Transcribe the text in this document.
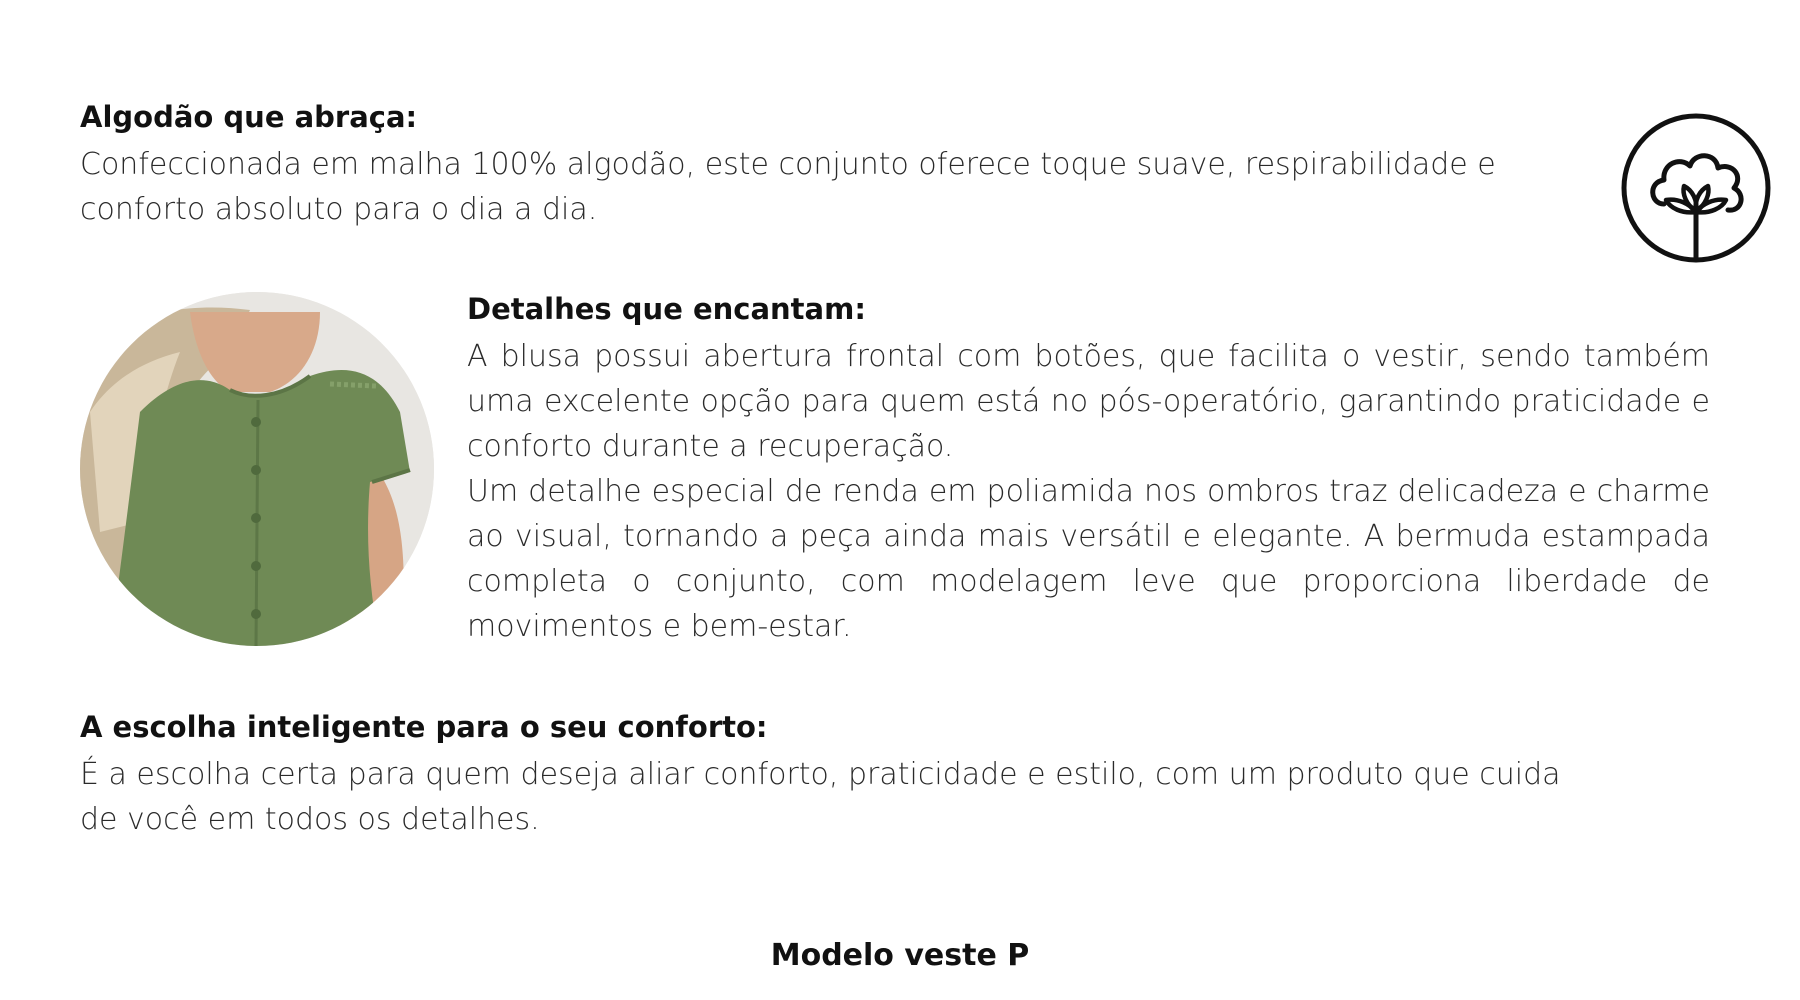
Algodão que abraça:

Confeccionada em malha 100% algodão, este conjunto oferece toque suave, respirabilidade e conforto absoluto para o dia a dia.

Detalhes que encantam:

A blusa possui abertura frontal com botões, que facilita o vestir, sendo também uma excelente opção para quem está no pós-operatório, garantindo praticidade e conforto durante a recuperação.

Um detalhe especial de renda em poliamida nos ombros traz delicadeza e charme ao visual, tornando a peça ainda mais versátil e elegante. A bermuda estampada completa o conjunto, com modelagem leve que proporciona liberdade de movimentos e bem-estar.

A escolha inteligente para o seu conforto:

É a escolha certa para quem deseja aliar conforto, praticidade e estilo, com um produto que cuida de você em todos os detalhes.

Modelo veste P
